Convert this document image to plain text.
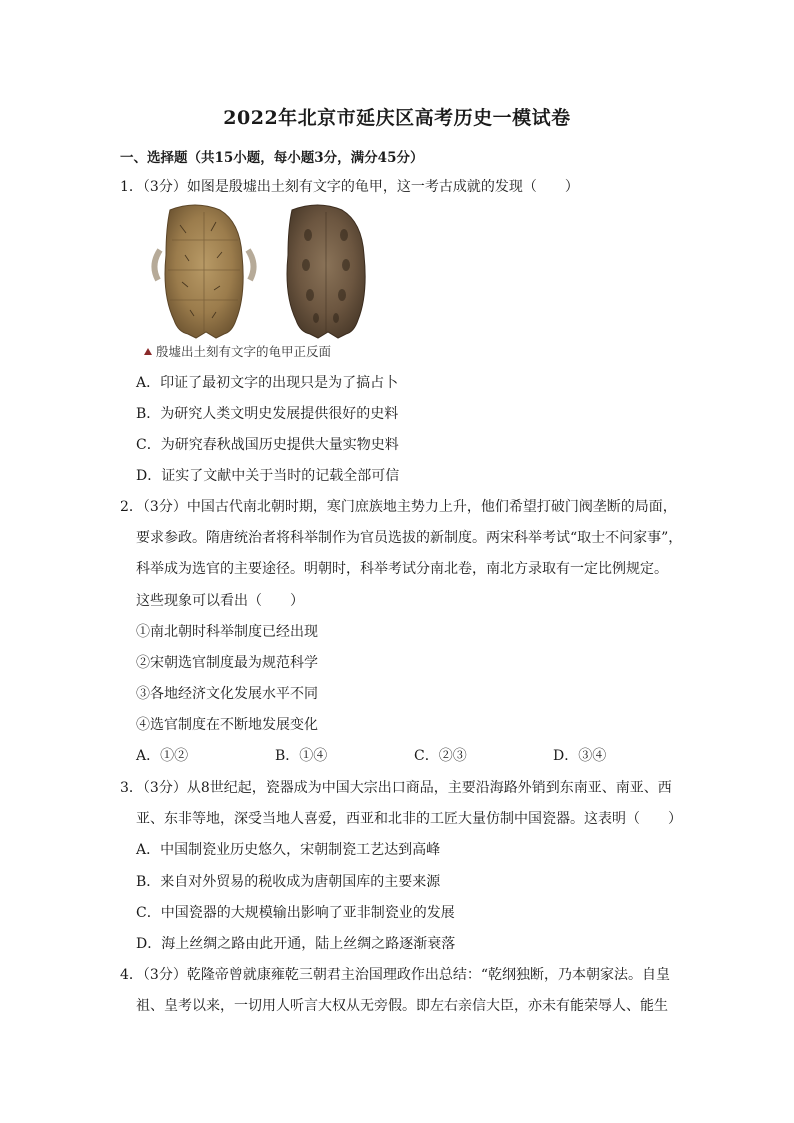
2022年北京市延庆区高考历史一模试卷
一、选择题（共15小题，每小题3分，满分45分）
1．（3分）如图是殷墟出土刻有文字的龟甲，这一考古成就的发现（　　）
殷墟出土刻有文字的龟甲正反面
A．印证了最初文字的出现只是为了搞占卜
B．为研究人类文明史发展提供很好的史料
C．为研究春秋战国历史提供大量实物史料
D．证实了文献中关于当时的记载全部可信
2．（3分）中国古代南北朝时期，寒门庶族地主势力上升，他们希望打破门阀垄断的局面，
要求参政。隋唐统治者将科举制作为官员选拔的新制度。两宋科举考试“取士不问家事”，
科举成为选官的主要途径。明朝时，科举考试分南北卷，南北方录取有一定比例规定。
这些现象可以看出（　　）
①南北朝时科举制度已经出现
②宋朝选官制度最为规范科学
③各地经济文化发展水平不同
④选官制度在不断地发展变化
A．①②	B．①④	C．②③	D．③④
3．（3分）从8世纪起，瓷器成为中国大宗出口商品，主要沿海路外销到东南亚、南亚、西
亚、东非等地，深受当地人喜爱，西亚和北非的工匠大量仿制中国瓷器。这表明（　　）
A．中国制瓷业历史悠久，宋朝制瓷工艺达到高峰
B．来自对外贸易的税收成为唐朝国库的主要来源
C．中国瓷器的大规模输出影响了亚非制瓷业的发展
D．海上丝绸之路由此开通，陆上丝绸之路逐渐衰落
4．（3分）乾隆帝曾就康雍乾三朝君主治国理政作出总结：“乾纲独断，乃本朝家法。自皇
祖、皇考以来，一切用人听言大权从无旁假。即左右亲信大臣，亦未有能荣辱人、能生
